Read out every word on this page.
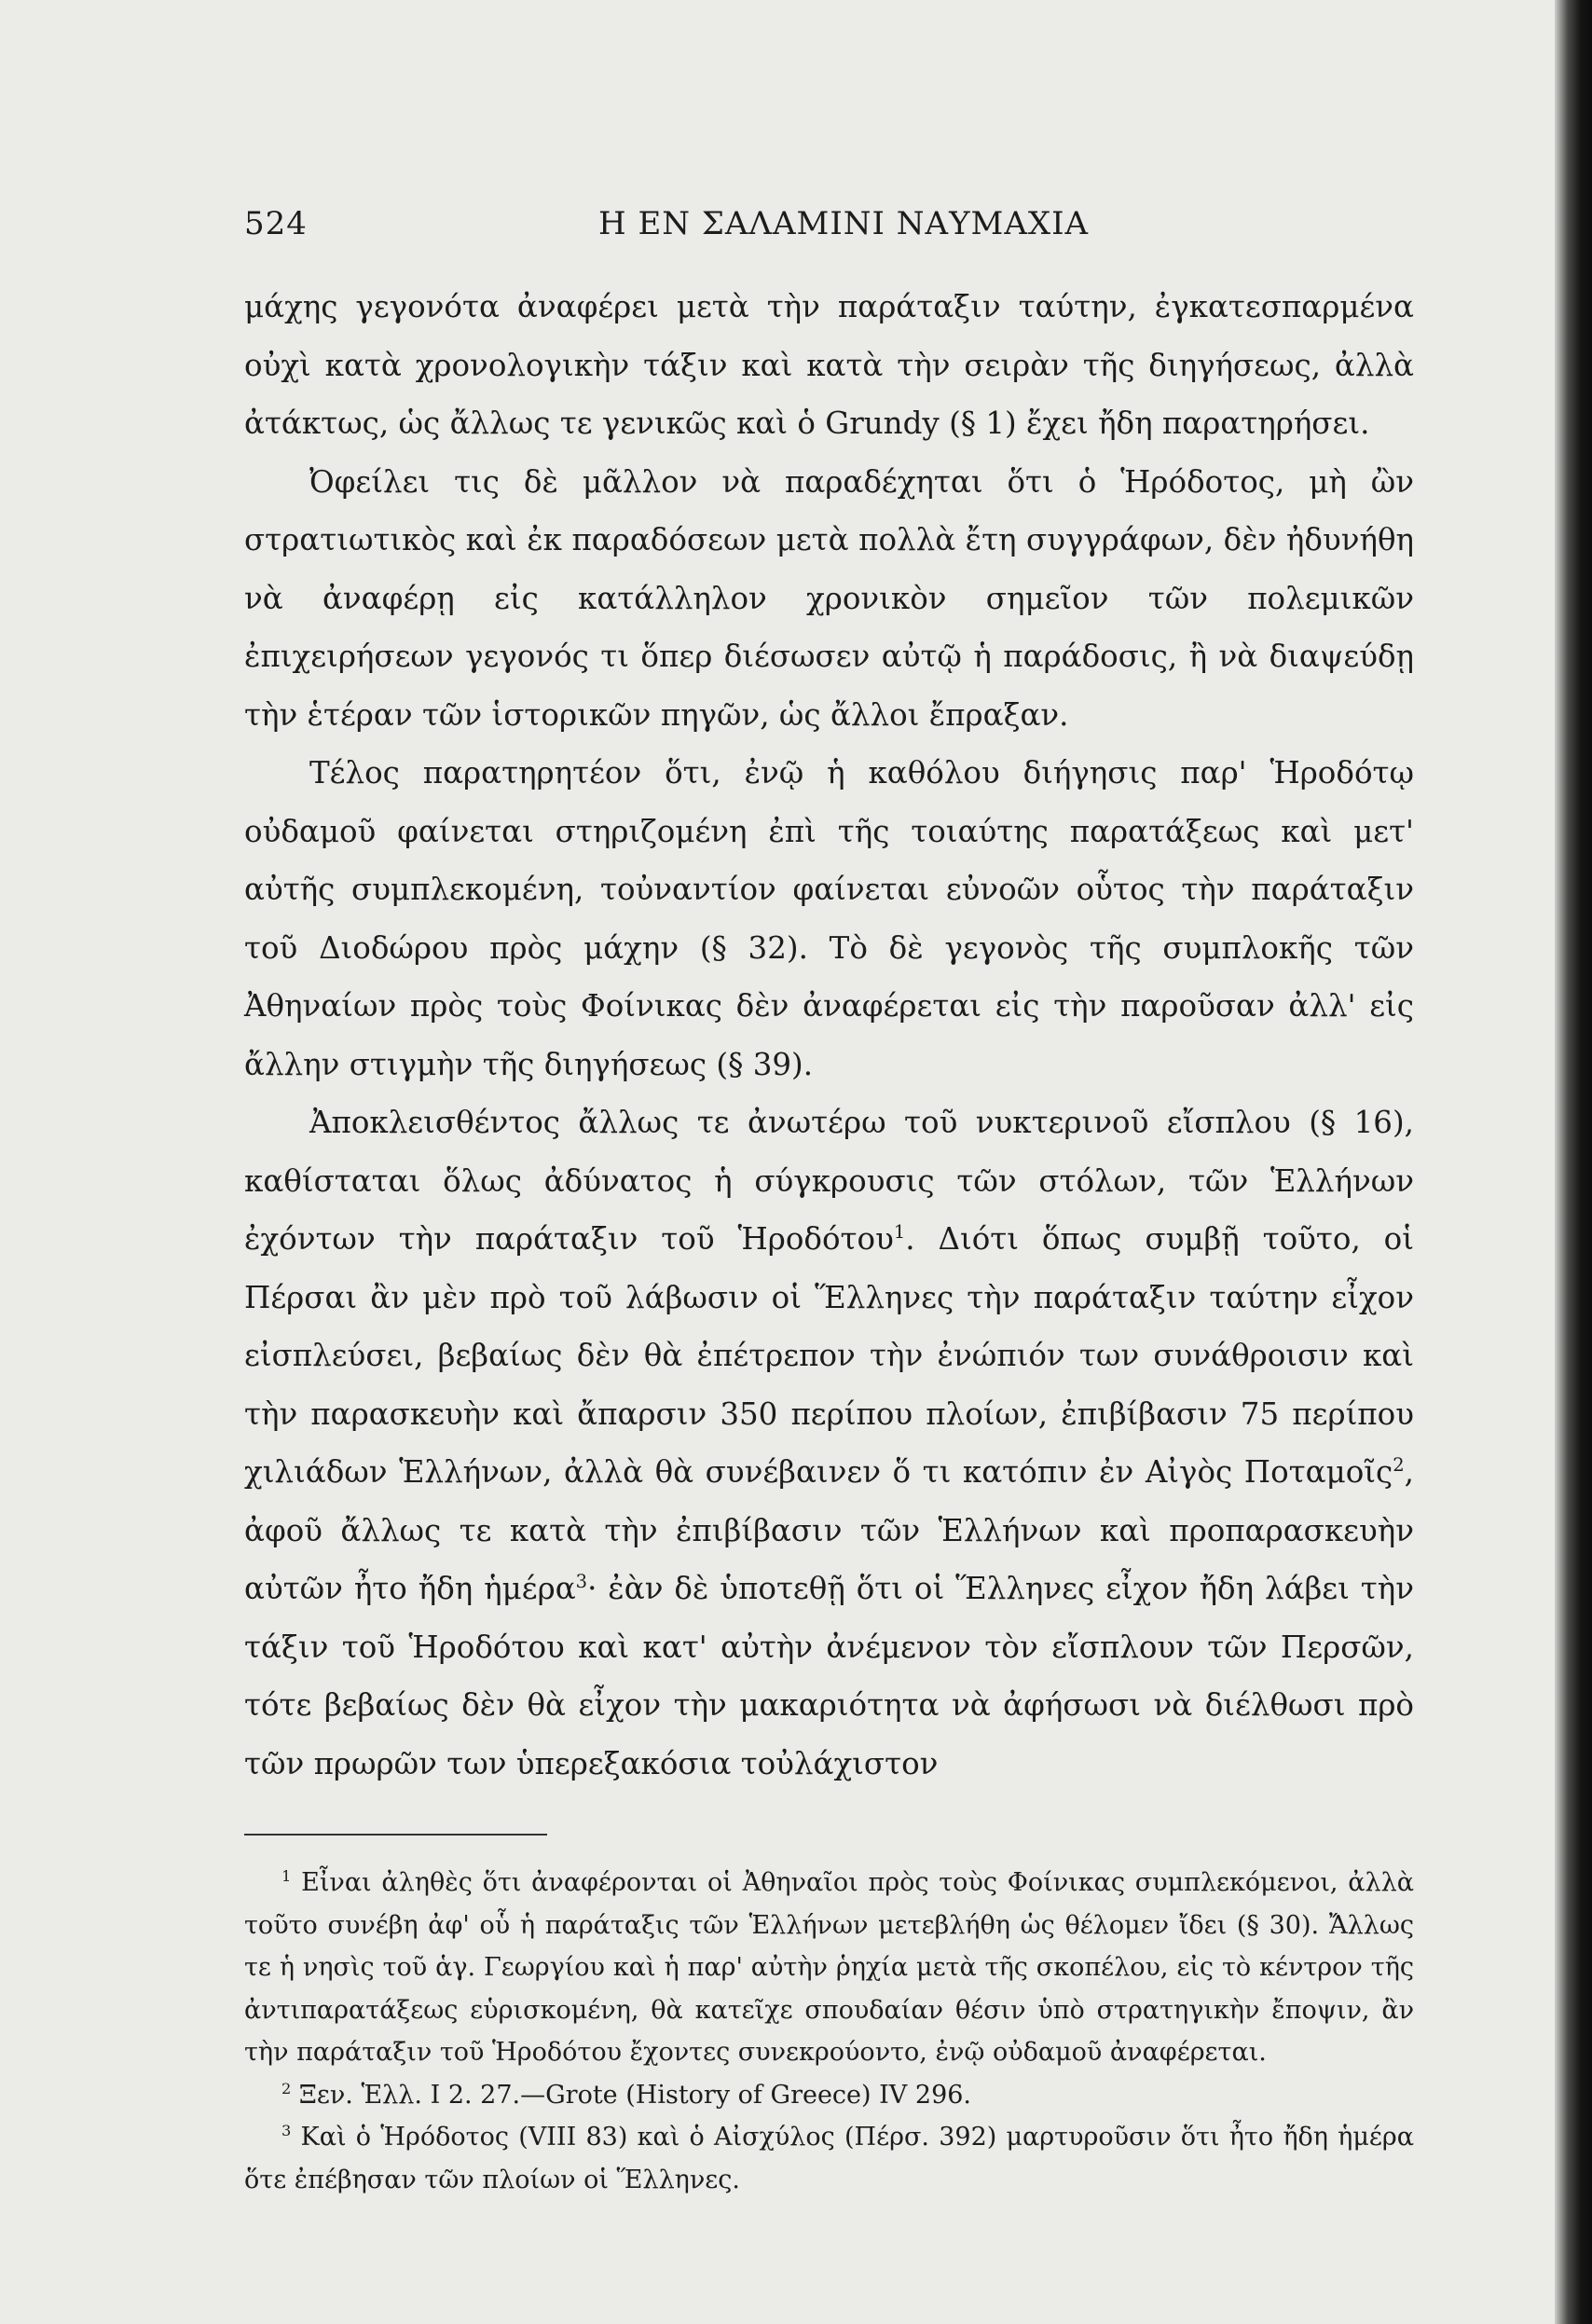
524	Η ΕΝ ΣΑΛΑΜΙΝΙ ΝΑΥΜΑΧΙΑ

μάχης γεγονότα ἀναφέρει μετὰ τὴν παράταξιν ταύτην, ἐγκατεσπαρμένα οὐχὶ κατὰ χρονολογικὴν τάξιν καὶ κατὰ τὴν σειρὰν τῆς διηγήσεως, ἀλλὰ ἀτάκτως, ὡς ἄλλως τε γενικῶς καὶ ὁ Grundy (§ 1) ἔχει ἤδη παρατηρήσει.

Ὀφείλει τις δὲ μᾶλλον νὰ παραδέχηται ὅτι ὁ Ἡρόδοτος, μὴ ὢν στρατιωτικὸς καὶ ἐκ παραδόσεων μετὰ πολλὰ ἔτη συγγράφων, δὲν ἠδυνήθη νὰ ἀναφέρῃ εἰς κατάλληλον χρονικὸν σημεῖον τῶν πολεμικῶν ἐπιχειρήσεων γεγονός τι ὅπερ διέσωσεν αὐτῷ ἡ παράδοσις, ἢ νὰ διαψεύδῃ τὴν ἑτέραν τῶν ἱστορικῶν πηγῶν, ὡς ἄλλοι ἔπραξαν.

Τέλος παρατηρητέον ὅτι, ἐνῷ ἡ καθόλου διήγησις παρ' Ἡροδότῳ οὐδαμοῦ φαίνεται στηριζομένη ἐπὶ τῆς τοιαύτης παρατάξεως καὶ μετ' αὐτῆς συμπλεκομένη, τοὐναντίον φαίνεται εὐνοῶν οὗτος τὴν παράταξιν τοῦ Διοδώρου πρὸς μάχην (§ 32). Τὸ δὲ γεγονὸς τῆς συμπλοκῆς τῶν Ἀθηναίων πρὸς τοὺς Φοίνικας δὲν ἀναφέρεται εἰς τὴν παροῦσαν ἀλλ' εἰς ἄλλην στιγμὴν τῆς διηγήσεως (§ 39).

Ἀποκλεισθέντος ἄλλως τε ἀνωτέρω τοῦ νυκτερινοῦ εἴσπλου (§ 16), καθίσταται ὅλως ἀδύνατος ἡ σύγκρουσις τῶν στόλων, τῶν Ἑλλήνων ἐχόντων τὴν παράταξιν τοῦ Ἡροδότου$^1$. Διότι ὅπως συμβῇ τοῦτο, οἱ Πέρσαι ἂν μὲν πρὸ τοῦ λάβωσιν οἱ Ἕλληνες τὴν παράταξιν ταύτην εἶχον εἰσπλεύσει, βεβαίως δὲν θὰ ἐπέτρεπον τὴν ἐνώπιόν των συνάθροισιν καὶ τὴν παρασκευὴν καὶ ἄπαρσιν 350 περίπου πλοίων, ἐπιβίβασιν 75 περίπου χιλιάδων Ἑλλήνων, ἀλλὰ θὰ συνέβαινεν ὅ τι κατόπιν ἐν Αἰγὸς Ποταμοῖς$^2$, ἀφοῦ ἄλλως τε κατὰ τὴν ἐπιβίβασιν τῶν Ἑλλήνων καὶ προπαρασκευὴν αὐτῶν ἦτο ἤδη ἡμέρα$^3$· ἐὰν δὲ ὑποτεθῇ ὅτι οἱ Ἕλληνες εἶχον ἤδη λάβει τὴν τάξιν τοῦ Ἡροδότου καὶ κατ' αὐτὴν ἀνέμενον τὸν εἴσπλουν τῶν Περσῶν, τότε βεβαίως δὲν θὰ εἶχον τὴν μακαριότητα νὰ ἀφήσωσι νὰ διέλθωσι πρὸ τῶν πρωρῶν των ὑπερεξακόσια τοὐλάχιστον

$^1$ Εἶναι ἀληθὲς ὅτι ἀναφέρονται οἱ Ἀθηναῖοι πρὸς τοὺς Φοίνικας συμπλεκόμενοι, ἀλλὰ τοῦτο συνέβη ἀφ' οὗ ἡ παράταξις τῶν Ἑλλήνων μετεβλήθη ὡς θέλομεν ἴδει (§ 30). Ἄλλως τε ἡ νησὶς τοῦ ἁγ. Γεωργίου καὶ ἡ παρ' αὐτὴν ῥηχία μετὰ τῆς σκοπέλου, εἰς τὸ κέντρον τῆς ἀντιπαρατάξεως εὑρισκομένη, θὰ κατεῖχε σπουδαίαν θέσιν ὑπὸ στρατηγικὴν ἔποψιν, ἂν τὴν παράταξιν τοῦ Ἡροδότου ἔχοντες συνεκρούοντο, ἐνῷ οὐδαμοῦ ἀναφέρεται.

$^2$ Ξεν. Ἑλλ. Ι 2. 27.—Grote (History of Greece) IV 296.

$^3$ Καὶ ὁ Ἡρόδοτος (VIII 83) καὶ ὁ Αἰσχύλος (Πέρσ. 392) μαρτυροῦσιν ὅτι ἦτο ἤδη ἡμέρα ὅτε ἐπέβησαν τῶν πλοίων οἱ Ἕλληνες.
